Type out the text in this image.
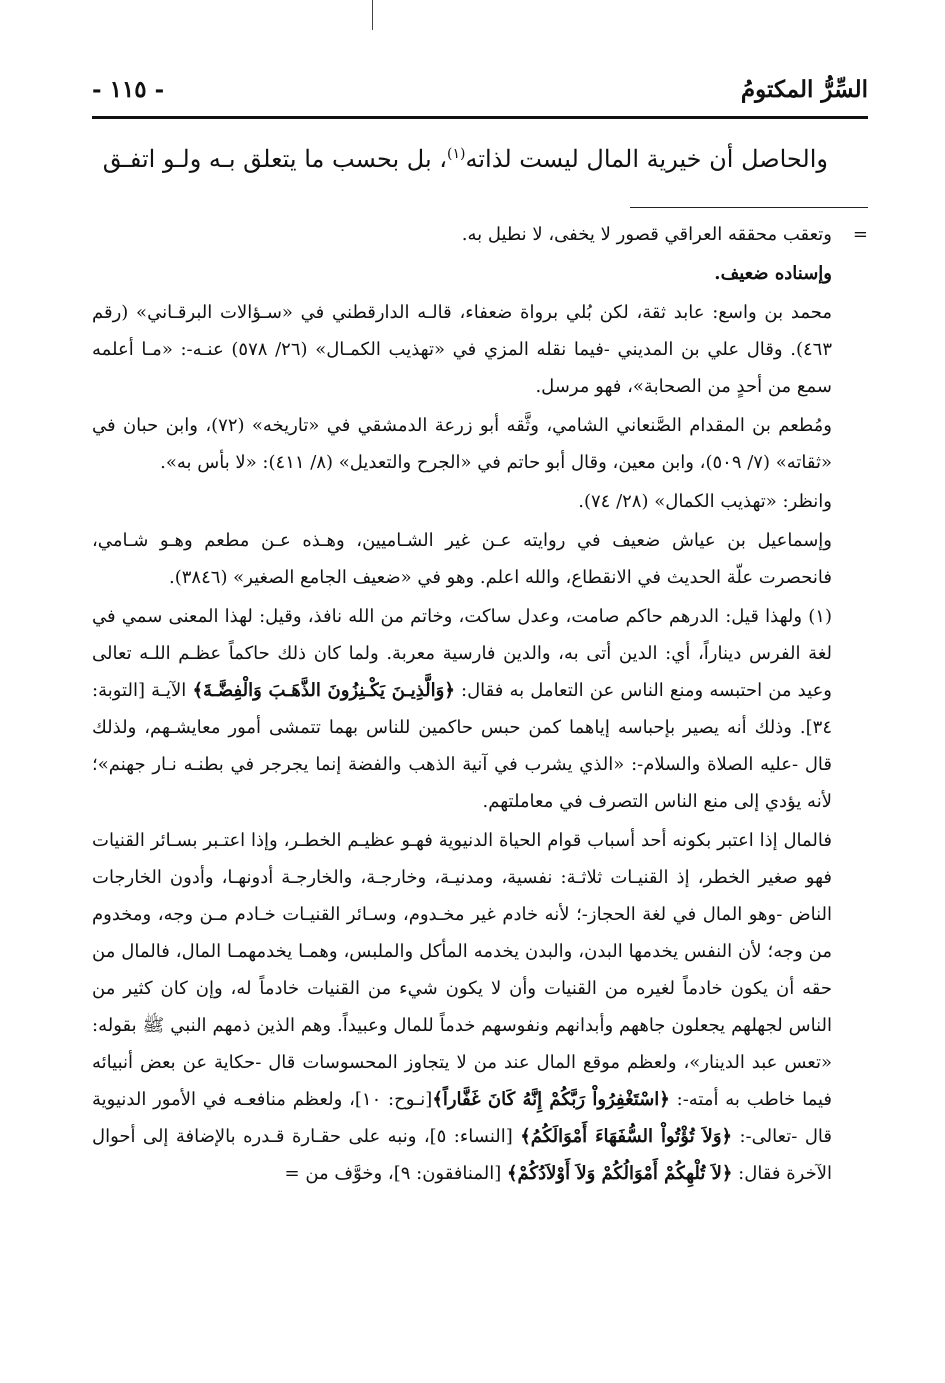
السِّرُّ المكتومُ
- ١١٥ -
والحاصل أن خيرية المال ليست لذاته$^{(١)}$، بل بحسب ما يتعلق بـه ولـو اتفـق

=
وتعقب محققه العراقي قصور لا يخفى، لا نطيل به.

وإسناده ضعيف.

محمد بن واسع: عابد ثقة، لكن بُلي برواة ضعفاء، قالـه الدارقطني في «سـؤالات البرقـاني» (رقم ٤٦٣). وقال علي بن المديني -فيما نقله المزي في «تهذيب الكمـال» (٢٦/ ٥٧٨) عنـه-: «مـا أعلمه سمع من أحدٍ من الصحابة»، فهو مرسل.

ومُطعم بن المقدام الصَّنعاني الشامي، وثَّقه أبو زرعة الدمشقي في «تاريخه» (٧٢)، وابن حبان في «ثقاته» (٧/ ٥٠٩)، وابن معين، وقال أبو حاتم في «الجرح والتعديل» (٨/ ٤١١): «لا بأس به».

وانظر: «تهذيب الكمال» (٢٨/ ٧٤).

وإسماعيل بن عياش ضعيف في روايته عـن غير الشـاميين، وهـذه عـن مطعم وهـو شـامي، فانحصرت علّة الحديث في الانقطاع، والله اعلم. وهو في «ضعيف الجامع الصغير» (٣٨٤٦).

(١) ولهذا قيل: الدرهم حاكم صامت، وعدل ساكت، وخاتم من الله نافذ، وقيل: لهذا المعنى سمي في لغة الفرس ديناراً، أي: الدين أتى به، والدين فارسية معربة. ولما كان ذلك حاكماً عظـم اللـه تعالى وعيد من احتبسه ومنع الناس عن التعامل به فقال: ﴿وَالَّذِيـنَ يَكْـنِزُونَ الذَّهَـبَ وَالْفِضَّـةَ﴾ الآيـة [التوبة: ٣٤]. وذلك أنه يصير بإحباسه إياهما كمن حبس حاكمين للناس بهما تتمشى أمور معايشـهم، ولذلك قال -عليه الصلاة والسلام-: «الذي يشرب في آنية الذهب والفضة إنما يجرجر في بطنـه نـار جهنم»؛ لأنه يؤدي إلى منع الناس التصرف في معاملتهم.

فالمال إذا اعتبر بكونه أحد أسباب قوام الحياة الدنيوية فهـو عظيـم الخطـر، وإذا اعتـبر بسـائر القنيات فهو صغير الخطر، إذ القنيـات ثلاثـة: نفسية، ومدنيـة، وخارجـة، والخارجـة أدونهـا، وأدون الخارجات الناض -وهو المال في لغة الحجاز-؛ لأنه خادم غير مخـدوم، وسـائر القنيـات خـادم مـن وجه، ومخدوم من وجه؛ لأن النفس يخدمها البدن، والبدن يخدمه المأكل والملبس، وهمـا يخدمهمـا المال، فالمال من حقه أن يكون خادماً لغيره من القنيات وأن لا يكون شيء من القنيات خادماً له، وإن كان كثير من الناس لجهلهم يجعلون جاههم وأبدانهم ونفوسهم خدماً للمال وعبيداً. وهم الذين ذمهم النبي ﷺ بقوله: «تعس عبد الدينار»، ولعظم موقع المال عند من لا يتجاوز المحسوسات قال -حكاية عن بعض أنبيائه فيما خاطب به أمته-: ﴿اسْتَغْفِرُواْ رَبَّكُمْ إِنَّهُ كَانَ غَفَّاراً﴾[نـوح: ١٠]، ولعظم منافعـه في الأمور الدنيوية قال -تعالى-: ﴿وَلاَ تُؤْتُواْ السُّفَهَاءَ أَمْوَالَكُمُ﴾ [النساء: ٥]، ونبه على حقـارة قـدره بالإضافة إلى أحوال الآخرة فقال: ﴿لاَ تُلْهِكُمْ أَمْوَالُكُمْ وَلاَ أَوْلاَدُكُمْ﴾ [المنافقون: ٩]، وخوَّف من =
